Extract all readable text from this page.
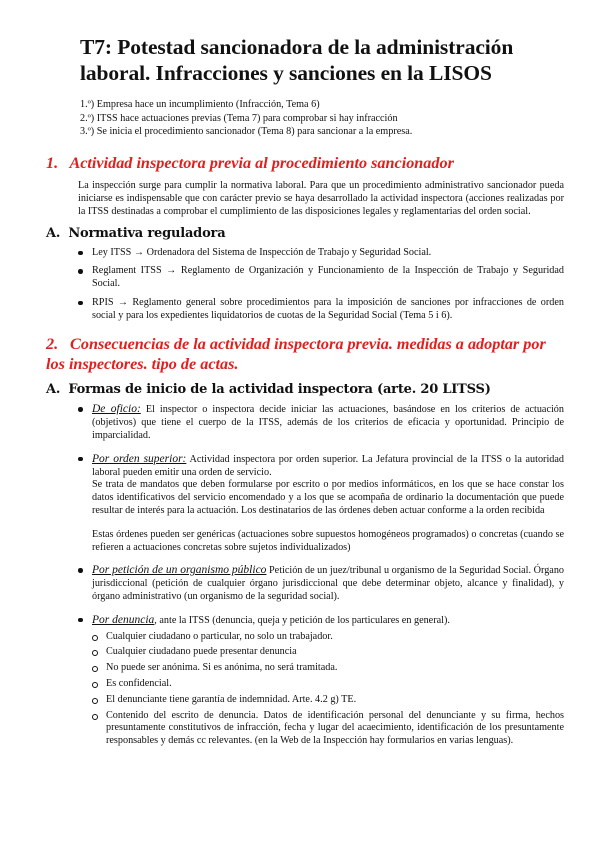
T7: Potestad sancionadora de la administración laboral. Infracciones y sanciones en la LISOS
1.º) Empresa hace un incumplimiento (Infracción, Tema 6)
2.º) ITSS hace actuaciones previas (Tema 7) para comprobar si hay infracción
3.º) Se inicia el procedimiento sancionador (Tema 8) para sancionar a la empresa.
1. Actividad inspectora previa al procedimiento sancionador
La inspección surge para cumplir la normativa laboral. Para que un procedimiento administrativo sancionador pueda iniciarse es indispensable que con carácter previo se haya desarrollado la actividad inspectora (acciones realizadas por la ITSS destinadas a comprobar el cumplimiento de las disposiciones legales y reglamentarias del orden social.
A. Normativa reguladora
Ley ITSS → Ordenadora del Sistema de Inspección de Trabajo y Seguridad Social.
Reglament ITSS → Reglamento de Organización y Funcionamiento de la Inspección de Trabajo y Seguridad Social.
RPIS → Reglamento general sobre procedimientos para la imposición de sanciones por infracciones de orden social y para los expedientes liquidatorios de cuotas de la Seguridad Social (Tema 5 i 6).
2. Consecuencias de la actividad inspectora previa. medidas a adoptar por los inspectores. tipo de actas.
A. Formas de inicio de la actividad inspectora (arte. 20 LITSS)
De oficio: El inspector o inspectora decide iniciar las actuaciones, basándose en los criterios de actuación (objetivos) que tiene el cuerpo de la ITSS, además de los criterios de eficacia y oportunidad. Principio de imparcialidad.
Por orden superior: Actividad inspectora por orden superior. La Jefatura provincial de la ITSS o la autoridad laboral pueden emitir una orden de servicio.
Se trata de mandatos que deben formularse por escrito o por medios informáticos, en los que se hace constar los datos identificativos del servicio encomendado y a los que se acompaña de ordinario la documentación que puede resultar de interés para la actuación. Los destinatarios de las órdenes deben actuar conforme a la orden recibida
Estas órdenes pueden ser genéricas (actuaciones sobre supuestos homogéneos programados) o concretas (cuando se refieren a actuaciones concretas sobre sujetos individualizados)
Por petición de un organismo público Petición de un juez/tribunal u organismo de la Seguridad Social. Órgano jurisdiccional (petición de cualquier órgano jurisdiccional que debe determinar objeto, alcance y finalidad), y órgano administrativo (un organismo de la seguridad social).
Por denuncia, ante la ITSS (denuncia, queja y petición de los particulares en general).
Cualquier ciudadano o particular, no solo un trabajador.
Cualquier ciudadano puede presentar denuncia
No puede ser anónima. Si es anónima, no será tramitada.
Es confidencial.
El denunciante tiene garantía de indemnidad. Arte. 4.2 g) TE.
Contenido del escrito de denuncia. Datos de identificación personal del denunciante y su firma, hechos presuntamente constitutivos de infracción, fecha y lugar del acaecimiento, identificación de los presuntamente responsables y demás cc relevantes. (en la Web de la Inspección hay formularios en varias lenguas).
